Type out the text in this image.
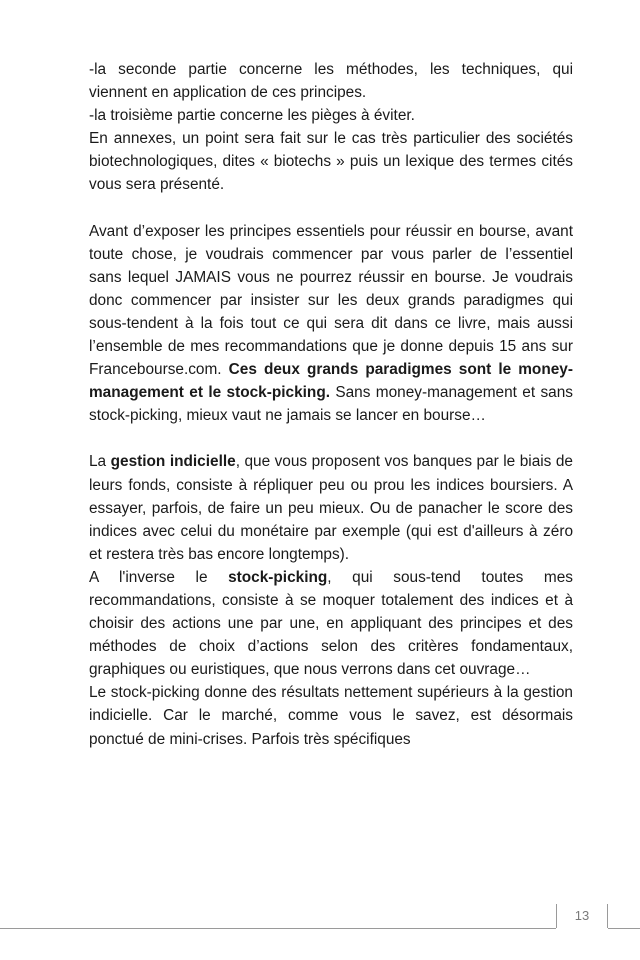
-la seconde partie concerne les méthodes, les techniques, qui viennent en application de ces principes.

-la troisième partie concerne les pièges à éviter.

En annexes, un point sera fait sur le cas très particulier des sociétés biotechnologiques, dites « biotechs » puis un lexique des termes cités vous sera présenté.

Avant d’exposer les principes essentiels pour réussir en bourse, avant toute chose, je voudrais commencer par vous parler de l’essentiel sans lequel JAMAIS vous ne pourrez réussir en bourse. Je voudrais donc commencer par insister sur les deux grands paradigmes qui sous-tendent à la fois tout ce qui sera dit dans ce livre, mais aussi l’ensemble de mes recommandations que je donne depuis 15 ans sur Francebourse.com. Ces deux grands paradigmes sont le money-management et le stock-picking. Sans money-management et sans stock-picking, mieux vaut ne jamais se lancer en bourse…

La gestion indicielle, que vous proposent vos banques par le biais de leurs fonds, consiste à répliquer peu ou prou les indices boursiers. A essayer, parfois, de faire un peu mieux. Ou de panacher le score des indices avec celui du monétaire par exemple (qui est d'ailleurs à zéro et restera très bas encore longtemps).

A l'inverse le stock-picking, qui sous-tend toutes mes recommandations, consiste à se moquer totalement des indices et à choisir des actions une par une, en appliquant des principes et des méthodes de choix d’actions selon des critères fondamentaux, graphiques ou euristiques, que nous verrons dans cet ouvrage…

Le stock-picking donne des résultats nettement supérieurs à la gestion indicielle. Car le marché, comme vous le savez, est désormais ponctué de mini-crises. Parfois très spécifiques

13
